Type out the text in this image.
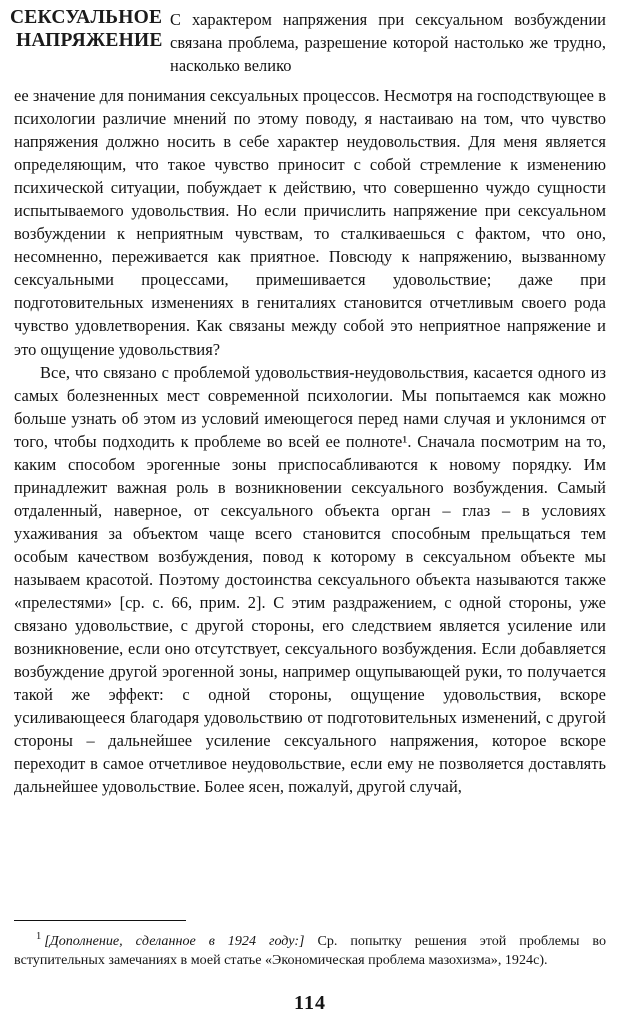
СЕКСУАЛЬНОЕ
НАПРЯЖЕНИЕ

С характером напряжения при сексуальном возбуждении связана проблема, разрешение которой настолько же трудно, насколько велико

ее значение для понимания сексуальных процессов. Несмотря на господствующее в психологии различие мнений по этому поводу, я настаиваю на том, что чувство напряжения должно носить в себе характер неудовольствия. Для меня является определяющим, что такое чувство приносит с собой стремление к изменению психической ситуации, побуждает к действию, что совершенно чуждо сущности испытываемого удовольствия. Но если причислить напряжение при сексуальном возбуждении к неприятным чувствам, то сталкиваешься с фактом, что оно, несомненно, переживается как приятное. Повсюду к напряжению, вызванному сексуальными процессами, примешивается удовольствие; даже при подготовительных изменениях в гениталиях становится отчетливым своего рода чувство удовлетворения. Как связаны между собой это неприятное напряжение и это ощущение удовольствия?

Все, что связано с проблемой удовольствия-неудовольствия, касается одного из самых болезненных мест современной психологии. Мы попытаемся как можно больше узнать об этом из условий имеющегося перед нами случая и уклонимся от того, чтобы подходить к проблеме во всей ее полноте¹. Сначала посмотрим на то, каким способом эрогенные зоны приспосабливаются к новому порядку. Им принадлежит важная роль в возникновении сексуального возбуждения. Самый отдаленный, наверное, от сексуального объекта орган – глаз – в условиях ухаживания за объектом чаще всего становится способным прельщаться тем особым качеством возбуждения, повод к которому в сексуальном объекте мы называем красотой. Поэтому достоинства сексуального объекта называются также «прелестями» [ср. с. 66, прим. 2]. С этим раздражением, с одной стороны, уже связано удовольствие, с другой стороны, его следствием является усиление или возникновение, если оно отсутствует, сексуального возбуждения. Если добавляется возбуждение другой эрогенной зоны, например ощупывающей руки, то получается такой же эффект: с одной стороны, ощущение удовольствия, вскоре усиливающееся благодаря удовольствию от подготовительных изменений, с другой стороны – дальнейшее усиление сексуального напряжения, которое вскоре переходит в самое отчетливое неудовольствие, если ему не позволяется доставлять дальнейшее удовольствие. Более ясен, пожалуй, другой случай,

$^1$ [Дополнение, сделанное в 1924 году:] Ср. попытку решения этой проблемы во вступительных замечаниях в моей статье «Экономическая проблема мазохизма», 1924с).
114
